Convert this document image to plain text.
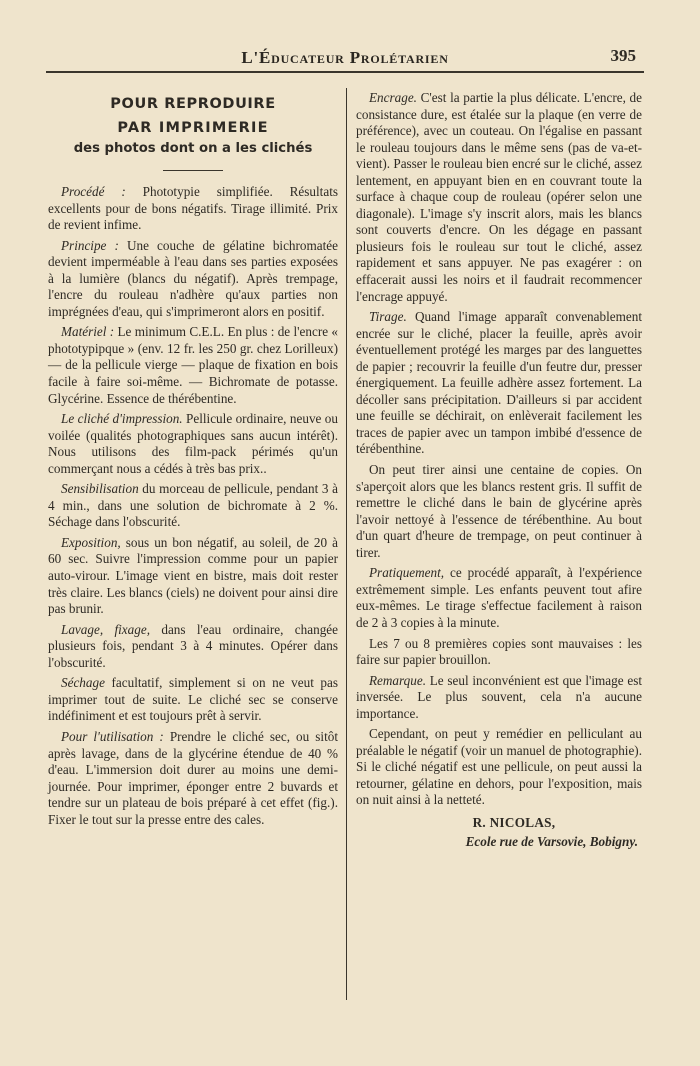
L'Éducateur Prolétarien	395
POUR REPRODUIRE
PAR IMPRIMERIE
des photos dont on a les clichés

Procédé : Phototypie simplifiée. Résultats excellents pour de bons négatifs. Tirage illimité. Prix de revient infime.

Principe : Une couche de gélatine bichromatée devient imperméable à l'eau dans ses parties exposées à la lumière (blancs du négatif). Après trempage, l'encre du rouleau n'adhère qu'aux parties non imprégnées d'eau, qui s'imprimeront alors en positif.

Matériel : Le minimum C.E.L. En plus : de l'encre « phototypipque » (env. 12 fr. les 250 gr. chez Lorilleux) — de la pellicule vierge — plaque de fixation en bois facile à faire soi-même. — Bichromate de potasse. Glycérine. Essence de thérébentine.

Le cliché d'impression. Pellicule ordinaire, neuve ou voilée (qualités photographiques sans aucun intérêt). Nous utilisons des film-pack périmés qu'un commerçant nous a cédés à très bas prix..

Sensibilisation du morceau de pellicule, pendant 3 à 4 min., dans une solution de bichromate à 2 %. Séchage dans l'obscurité.

Exposition, sous un bon négatif, au soleil, de 20 à 60 sec. Suivre l'impression comme pour un papier auto-virour. L'image vient en bistre, mais doit rester très claire. Les blancs (ciels) ne doivent pour ainsi dire pas brunir.

Lavage, fixage, dans l'eau ordinaire, changée plusieurs fois, pendant 3 à 4 minutes. Opérer dans l'obscurité.

Séchage facultatif, simplement si on ne veut pas imprimer tout de suite. Le cliché sec se conserve indéfiniment et est toujours prêt à servir.

Pour l'utilisation : Prendre le cliché sec, ou sitôt après lavage, dans de la glycérine étendue de 40 % d'eau. L'immersion doit durer au moins une demi-journée. Pour imprimer, éponger entre 2 buvards et tendre sur un plateau de bois préparé à cet effet (fig.). Fixer le tout sur la presse entre des cales.

Encrage. C'est la partie la plus délicate. L'encre, de consistance dure, est étalée sur la plaque (en verre de préférence), avec un couteau. On l'égalise en passant le rouleau toujours dans le même sens (pas de va-et-vient). Passer le rouleau bien encré sur le cliché, assez lentement, en appuyant bien en en couvrant toute la surface à chaque coup de rouleau (opérer selon une diagonale). L'image s'y inscrit alors, mais les blancs sont couverts d'encre. On les dégage en passant plusieurs fois le rouleau sur tout le cliché, assez rapidement et sans appuyer. Ne pas exagérer : on effacerait aussi les noirs et il faudrait recommencer l'encrage appuyé.

Tirage. Quand l'image apparaît convenablement encrée sur le cliché, placer la feuille, après avoir éventuellement protégé les marges par des languettes de papier ; recouvrir la feuille d'un feutre dur, presser énergiquement. La feuille adhère assez fortement. La décoller sans précipitation. D'ailleurs si par accident une feuille se déchirait, on enlèverait facilement les traces de papier avec un tampon imbibé d'essence de térébenthine.

On peut tirer ainsi une centaine de copies. On s'aperçoit alors que les blancs restent gris. Il suffit de remettre le cliché dans le bain de glycérine après l'avoir nettoyé à l'essence de térébenthine. Au bout d'un quart d'heure de trempage, on peut continuer à tirer.

Pratiquement, ce procédé apparaît, à l'expérience extrêmement simple. Les enfants peuvent tout afire eux-mêmes. Le tirage s'effectue facilement à raison de 2 à 3 copies à la minute.

Les 7 ou 8 premières copies sont mauvaises : les faire sur papier brouillon.

Remarque. Le seul inconvénient est que l'image est inversée. Le plus souvent, cela n'a aucune importance.

Cependant, on peut y remédier en pelliculant au préalable le négatif (voir un manuel de photographie). Si le cliché négatif est une pellicule, on peut aussi la retourner, gélatine en dehors, pour l'exposition, mais on nuit ainsi à la netteté.

R. NICOLAS,

Ecole rue de Varsovie, Bobigny.
